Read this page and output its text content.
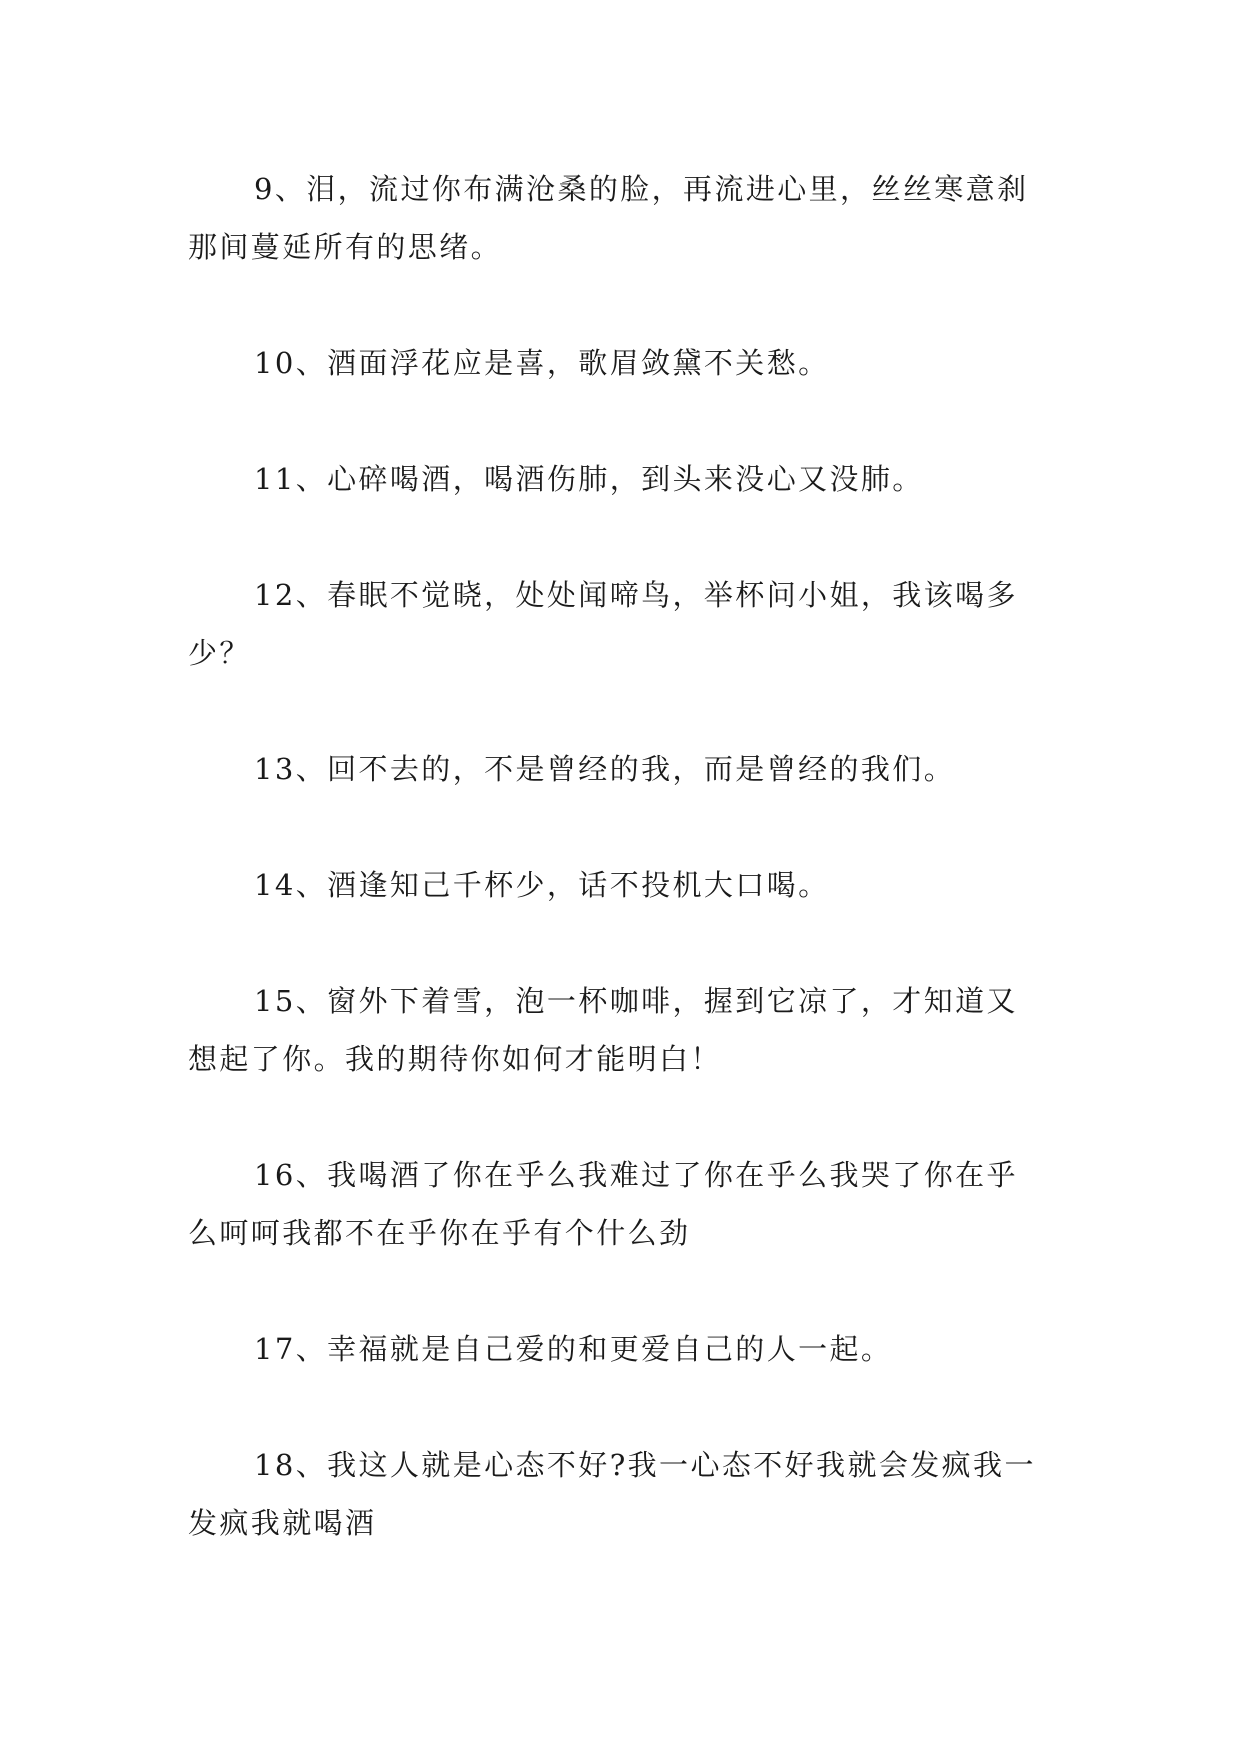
9、泪，流过你布满沧桑的脸，再流进心里，丝丝寒意刹那间蔓延所有的思绪。

10、酒面浮花应是喜，歌眉敛黛不关愁。

11、心碎喝酒，喝酒伤肺，到头来没心又没肺。

12、春眠不觉晓，处处闻啼鸟，举杯问小姐，我该喝多少？

13、回不去的，不是曾经的我，而是曾经的我们。

14、酒逢知己千杯少，话不投机大口喝。

15、窗外下着雪，泡一杯咖啡，握到它凉了，才知道又想起了你。我的期待你如何才能明白！

16、我喝酒了你在乎么我难过了你在乎么我哭了你在乎么呵呵我都不在乎你在乎有个什么劲

17、幸福就是自己爱的和更爱自己的人一起。

18、我这人就是心态不好?我一心态不好我就会发疯我一发疯我就喝酒
